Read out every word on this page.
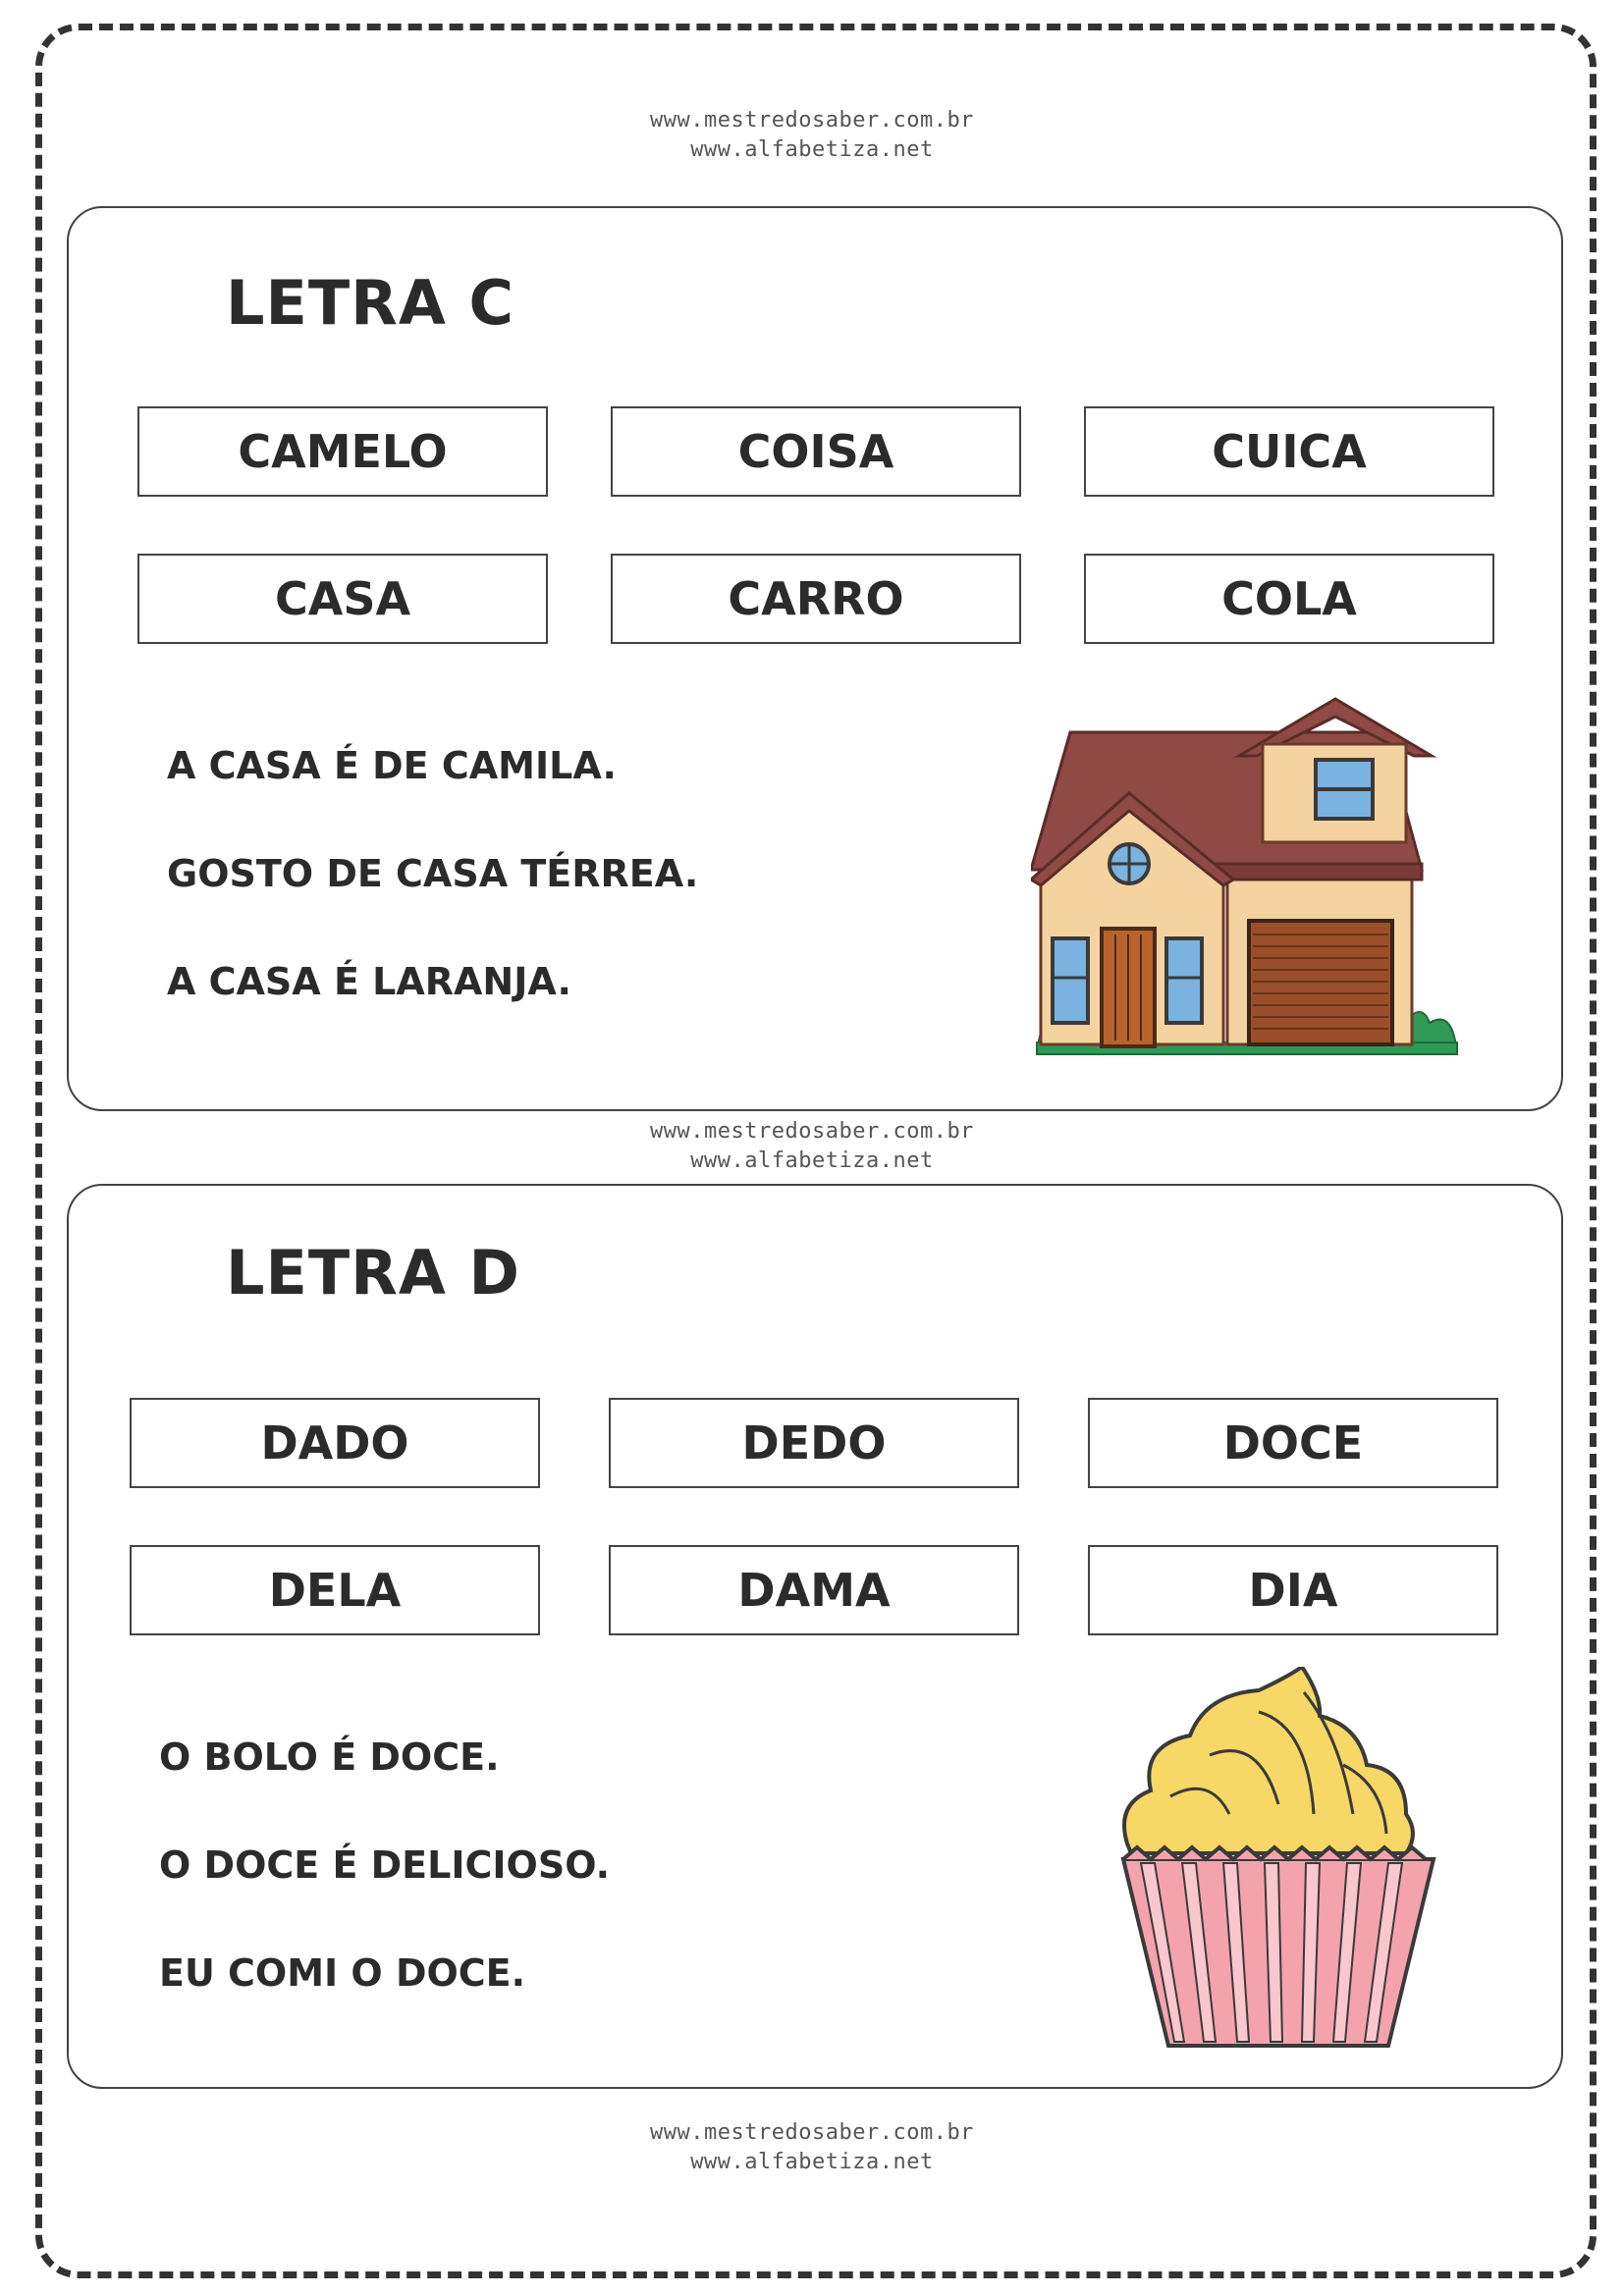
www.mestredosaber.com.br
www.alfabetiza.net
LETRA C
CAMELO	COISA	CUICA
CASA	CARRO	COLA
A CASA É DE CAMILA.
GOSTO DE CASA TÉRREA.
A CASA É LARANJA.
www.mestredosaber.com.br
www.alfabetiza.net
LETRA D
DADO	DEDO	DOCE
DELA	DAMA	DIA
O BOLO É DOCE.
O DOCE É DELICIOSO.
EU COMI O DOCE.
www.mestredosaber.com.br
www.alfabetiza.net
